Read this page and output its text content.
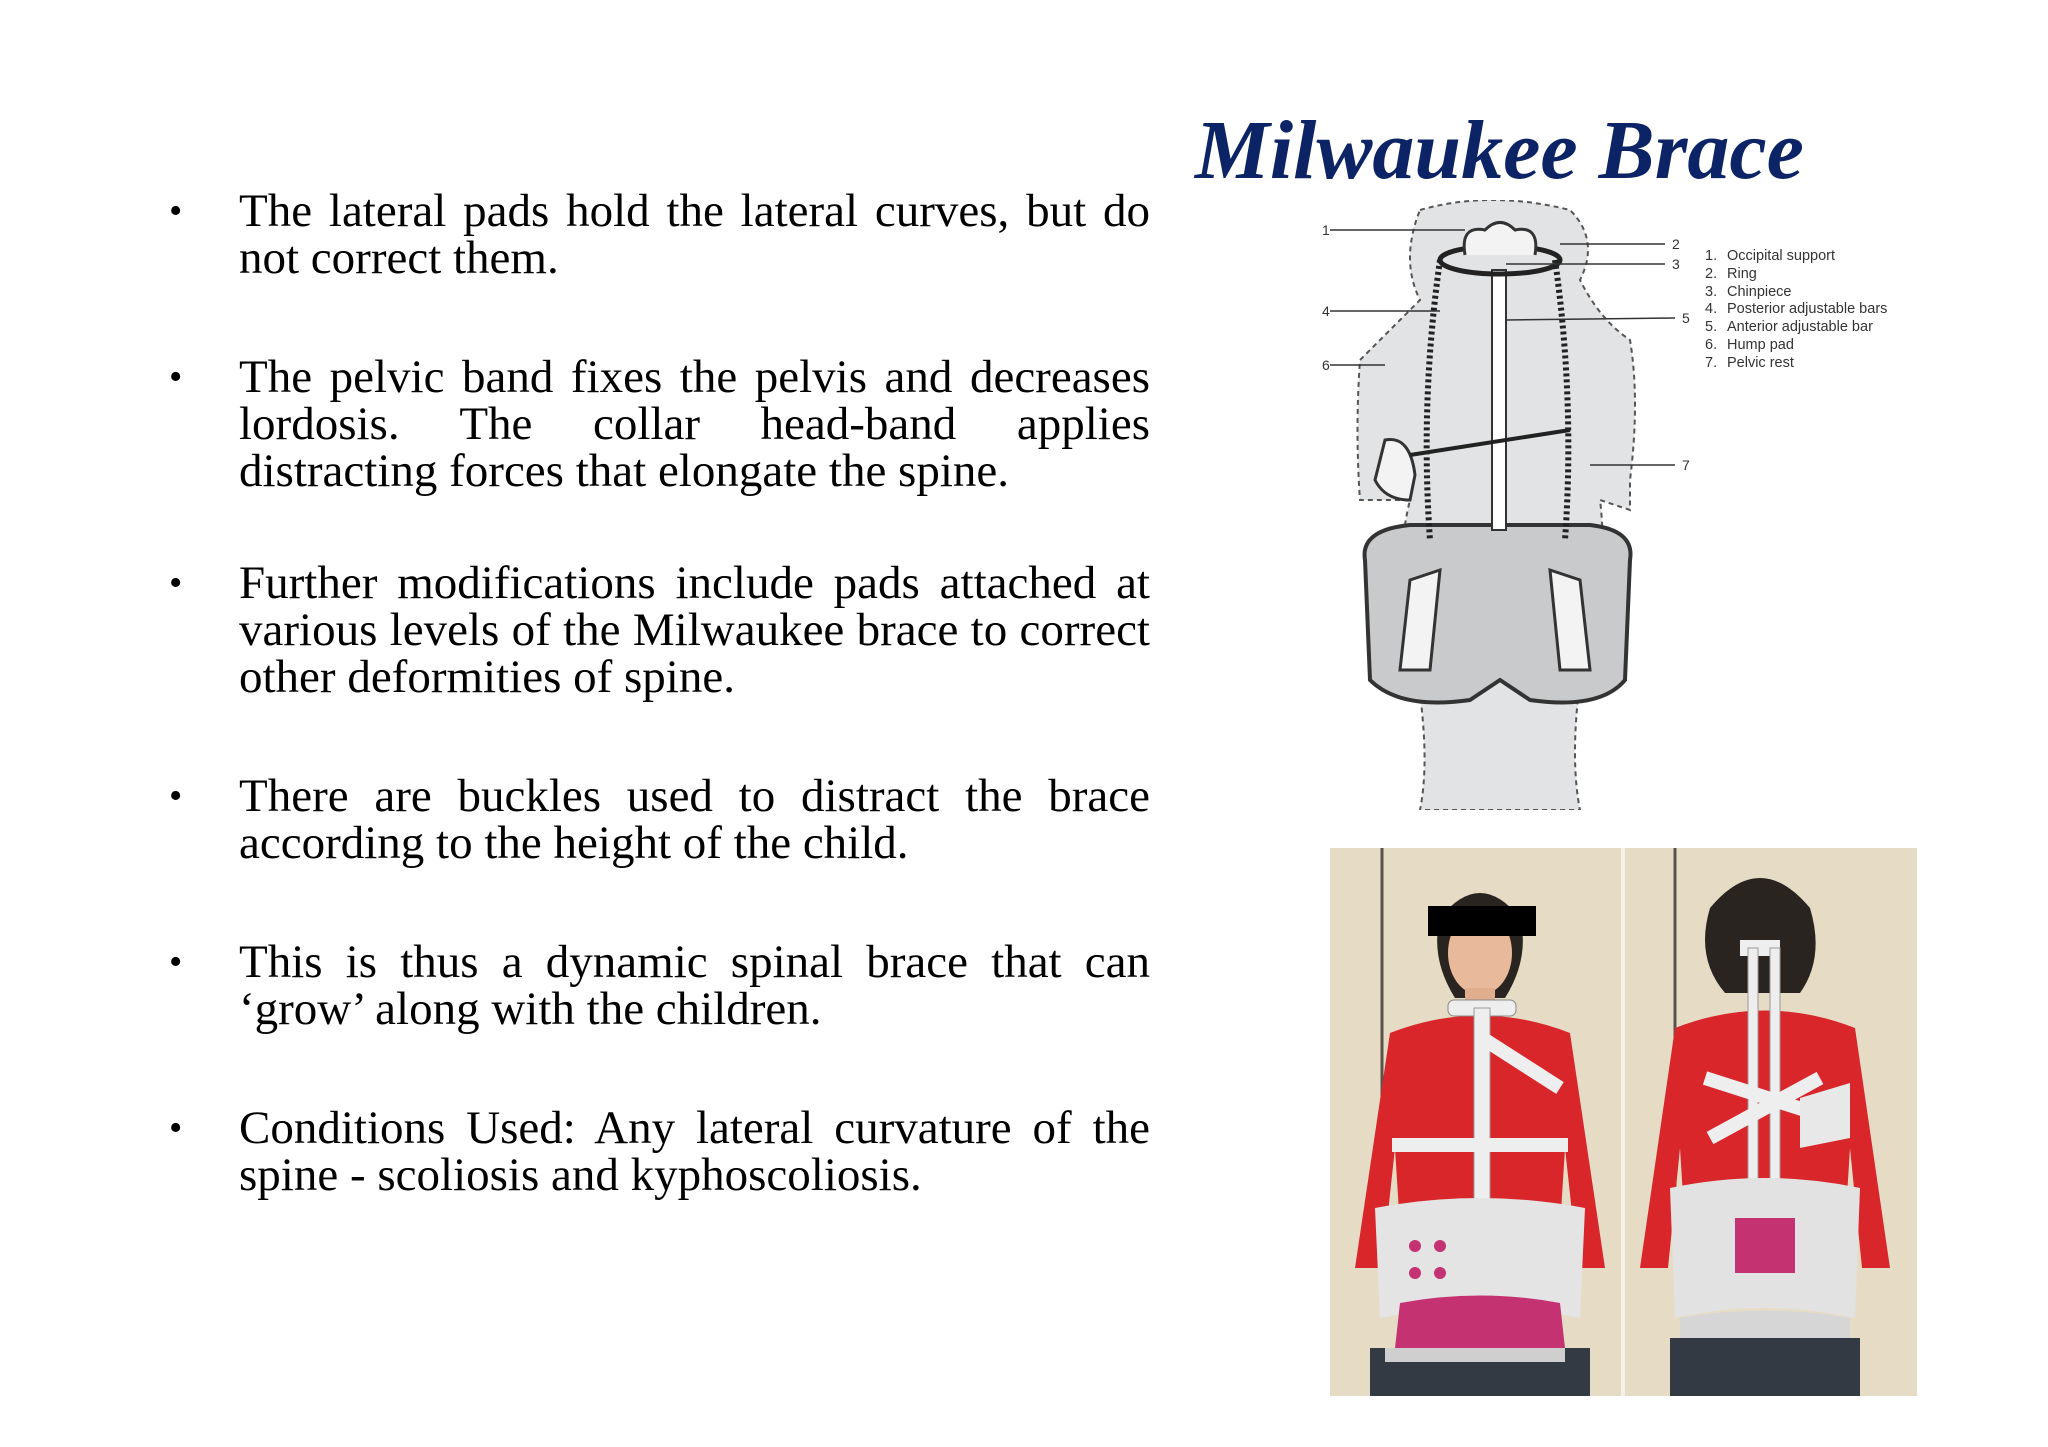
Milwaukee Brace
• The lateral pads hold the lateral curves, but do not correct them.
• The pelvic band fixes the pelvis and decreases lordosis. The collar head-band applies distracting forces that elongate the spine.
• Further modifications include pads attached at various levels of the Milwaukee brace to correct other deformities of spine.
• There are buckles used to distract the brace according to the height of the child.
• This is thus a dynamic spinal brace that can ‘grow’ along with the children.
• Conditions Used: Any lateral curvature of the spine - scoliosis and kyphoscoliosis.
1
2
3
4	5
6
7
1. Occipital support
2. Ring
3. Chinpiece
4. Posterior adjustable bars
5. Anterior adjustable bar
6. Hump pad
7. Pelvic rest
